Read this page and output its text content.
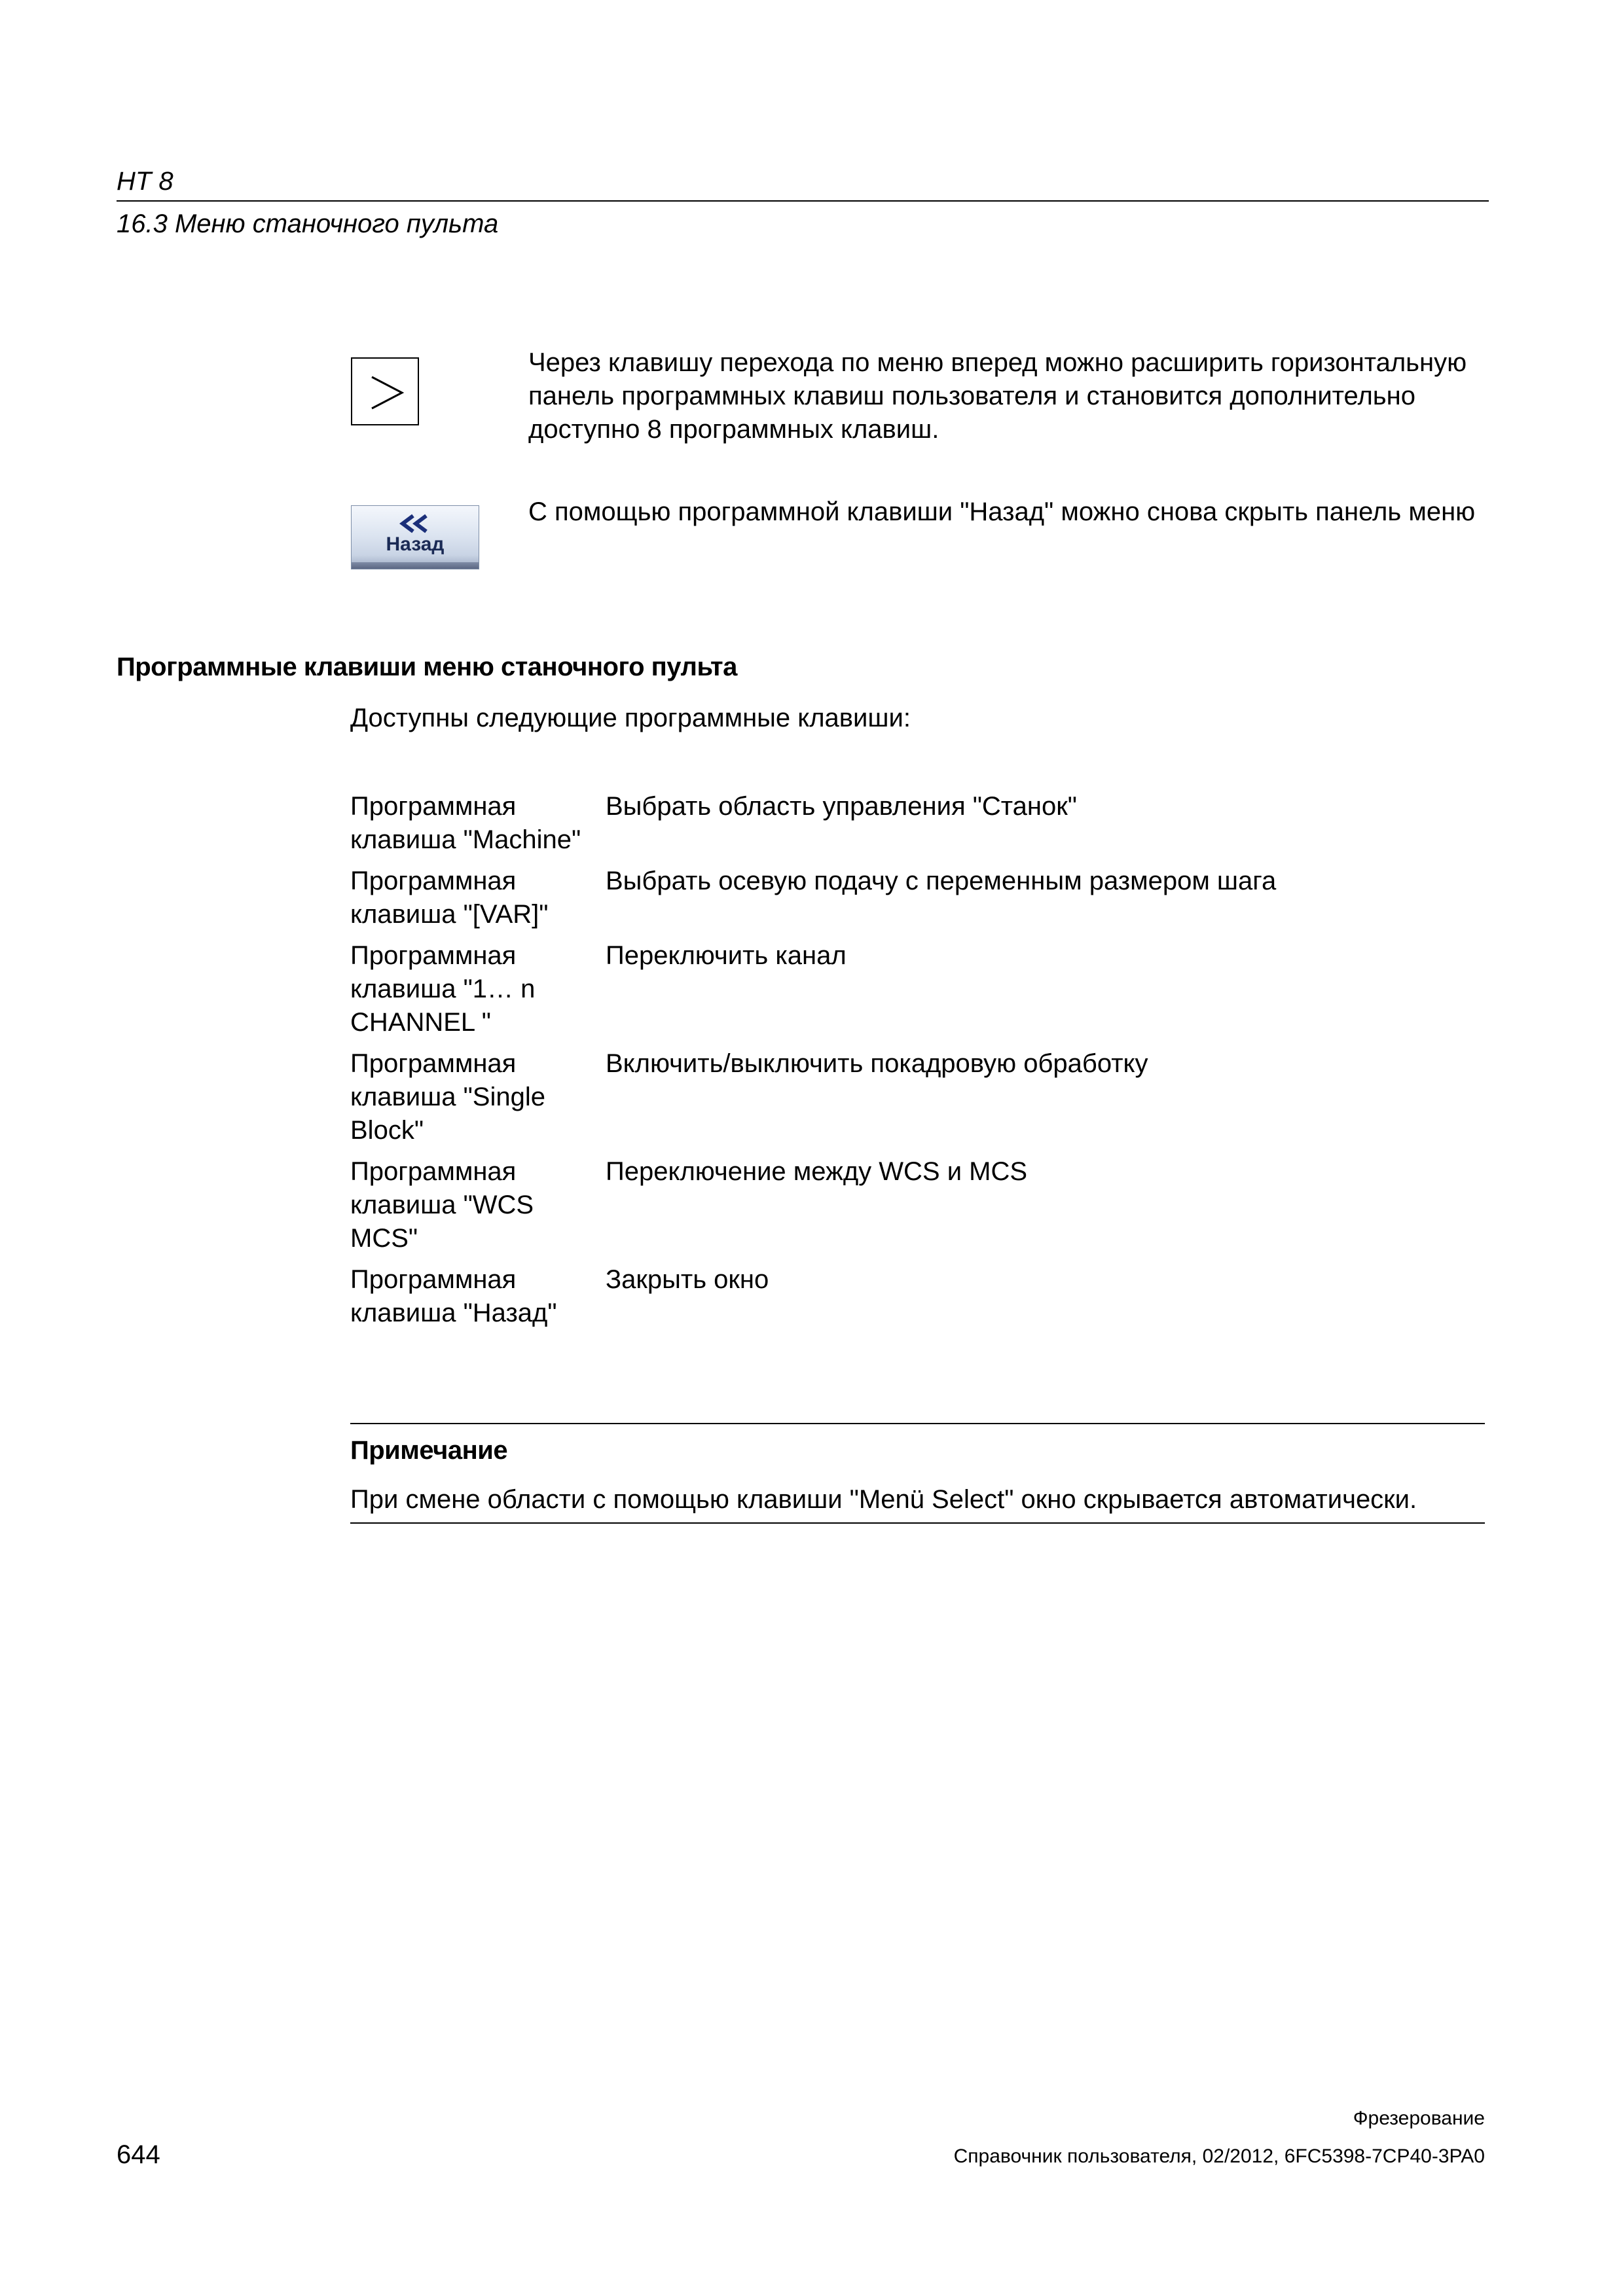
HT 8
16.3 Меню станочного пульта
Через клавишу перехода по меню вперед можно расширить горизонтальную панель программных клавиш пользователя и становится дополнительно доступно 8 программных клавиш.
Назад
С помощью программной клавиши "Назад" можно снова скрыть панель меню
Программные клавиши меню станочного пульта
Доступны следующие программные клавиши:
Программная клавиша "Machine"	Выбрать область управления "Станок"
Программная клавиша "[VAR]"	Выбрать осевую подачу с переменным размером шага
Программная клавиша "1… n CHANNEL "	Переключить канал
Программная клавиша "Single Block"	Включить/выключить покадровую обработку
Программная клавиша "WCS MCS"	Переключение между WCS и MCS
Программная клавиша "Назад"	Закрыть окно
Примечание
При смене области с помощью клавиши "Menü Select" окно скрывается автоматически.
Фрезерование
644	Справочник пользователя, 02/2012, 6FC5398-7CP40-3PA0
